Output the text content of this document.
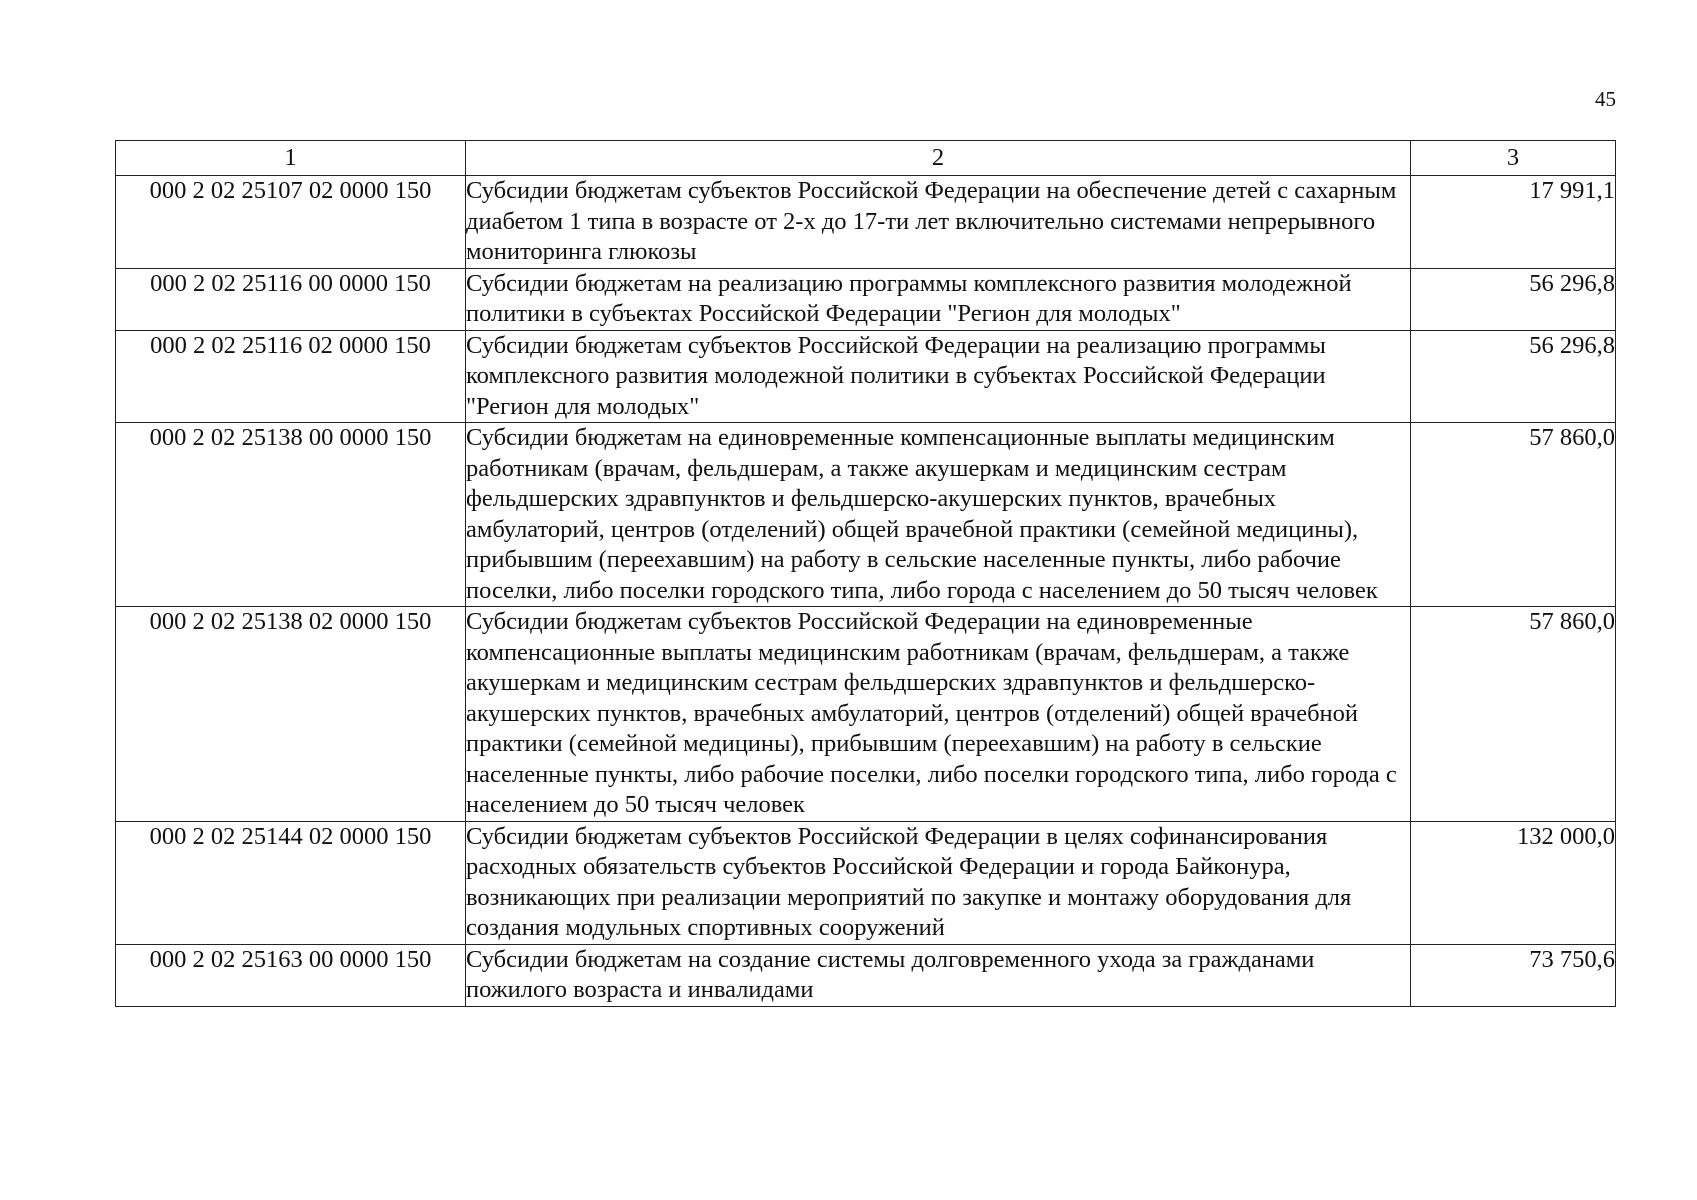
45
1	2	3
000 2 02 25107 02 0000 150	Субсидии бюджетам субъектов Российской Федерации на обеспечение детей с сахарным диабетом 1 типа в возрасте от 2-х до 17-ти лет включительно системами непрерывного мониторинга глюкозы	17 991,1
000 2 02 25116 00 0000 150	Субсидии бюджетам на реализацию программы комплексного развития молодежной политики в субъектах Российской Федерации "Регион для молодых"	56 296,8
000 2 02 25116 02 0000 150	Субсидии бюджетам субъектов Российской Федерации на реализацию программы комплексного развития молодежной политики в субъектах Российской Федерации "Регион для молодых"	56 296,8
000 2 02 25138 00 0000 150	Субсидии бюджетам на единовременные компенсационные выплаты медицинским работникам (врачам, фельдшерам, а также акушеркам и медицинским сестрам фельдшерских здравпунктов и фельдшерско-акушерских пунктов, врачебных амбулаторий, центров (отделений) общей врачебной практики (семейной медицины), прибывшим (переехавшим) на работу в сельские населенные пункты, либо рабочие поселки, либо поселки городского типа, либо города с населением до 50 тысяч человек	57 860,0
000 2 02 25138 02 0000 150	Субсидии бюджетам субъектов Российской Федерации на единовременные компенсационные выплаты медицинским работникам (врачам, фельдшерам, а также акушеркам и медицинским сестрам фельдшерских здравпунктов и фельдшерско-акушерских пунктов, врачебных амбулаторий, центров (отделений) общей врачебной практики (семейной медицины), прибывшим (переехавшим) на работу в сельские населенные пункты, либо рабочие поселки, либо поселки городского типа, либо города с населением до 50 тысяч человек	57 860,0
000 2 02 25144 02 0000 150	Субсидии бюджетам субъектов Российской Федерации в целях софинансирования расходных обязательств субъектов Российской Федерации и города Байконура, возникающих при реализации мероприятий по закупке и монтажу оборудования для создания модульных спортивных сооружений	132 000,0
000 2 02 25163 00 0000 150	Субсидии бюджетам на создание системы долговременного ухода за гражданами пожилого возраста и инвалидами	73 750,6
